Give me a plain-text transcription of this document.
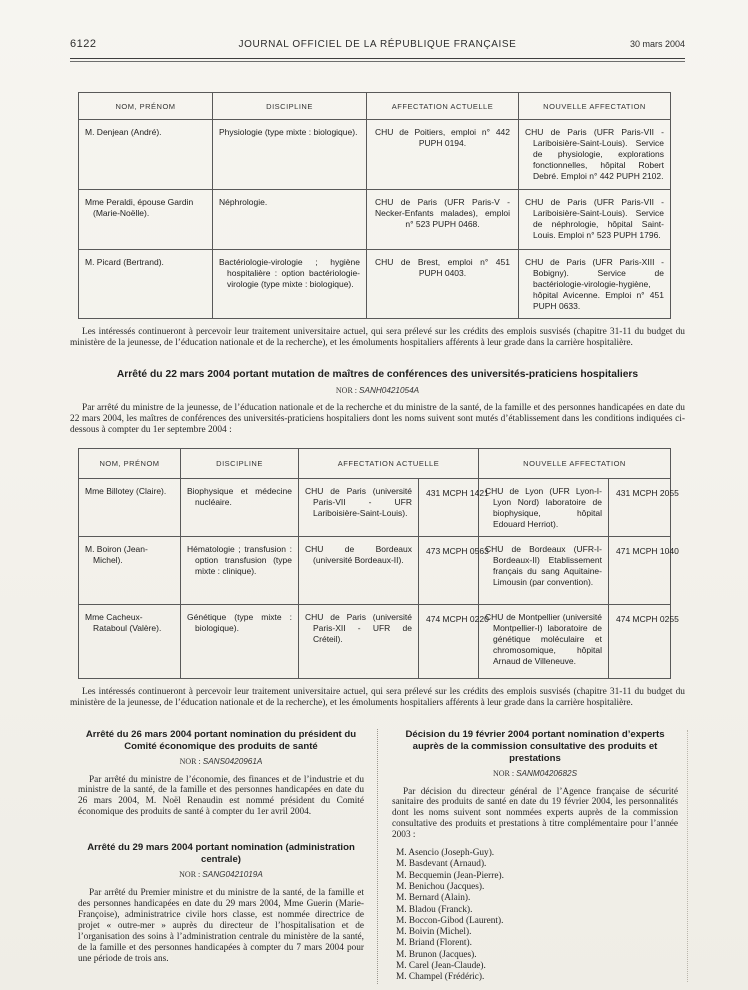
6122	JOURNAL OFFICIEL DE LA RÉPUBLIQUE FRANÇAISE	30 mars 2004
NOM, PRÉNOM	DISCIPLINE	AFFECTATION ACTUELLE	NOUVELLE AFFECTATION
M. Denjean (André).	Physiologie (type mixte : biologique).	CHU de Poitiers, emploi n° 442 PUPH 0194.	CHU de Paris (UFR Paris-VII - Lariboisière-Saint-Louis). Service de physiologie, explorations fonctionnelles, hôpital Robert Debré. Emploi n° 442 PUPH 2102.
Mme Peraldi, épouse Gardin (Marie-Noëlle).	Néphrologie.	CHU de Paris (UFR Paris-V - Necker-Enfants malades), emploi n° 523 PUPH 0468.	CHU de Paris (UFR Paris-VII - Lariboisière-Saint-Louis). Service de néphrologie, hôpital Saint-Louis. Emploi n° 523 PUPH 1796.
M. Picard (Bertrand).	Bactériologie-virologie ; hygiène hospitalière : option bactériologie-virologie (type mixte : biologique).	CHU de Brest, emploi n° 451 PUPH 0403.	CHU de Paris (UFR Paris-XIII - Bobigny). Service de bactériologie-virologie-hygiène, hôpital Avicenne. Emploi n° 451 PUPH 0633.

Les intéressés continueront à percevoir leur traitement universitaire actuel, qui sera prélevé sur les crédits des emplois susvisés (chapitre 31-11 du budget du ministère de la jeunesse, de l’éducation nationale et de la recherche), et les émoluments hospitaliers afférents à leur grade dans la carrière hospitalière.

Arrêté du 22 mars 2004 portant mutation de maîtres de conférences des universités-praticiens hospitaliers

NOR : SANH0421054A

Par arrêté du ministre de la jeunesse, de l’éducation nationale et de la recherche et du ministre de la santé, de la famille et des personnes handicapées en date du 22 mars 2004, les maîtres de conférences des universités-praticiens hospitaliers dont les noms suivent sont mutés d’établissement dans les conditions indiquées ci-dessous à compter du 1er septembre 2004 :

NOM, PRÉNOM	DISCIPLINE	AFFECTATION ACTUELLE		NOUVELLE AFFECTATION	
Mme Billotey (Claire).	Biophysique et médecine nucléaire.	CHU de Paris (université Paris-VII - UFR Lariboisière-Saint-Louis).	431 MCPH 1421	CHU de Lyon (UFR Lyon-I-Lyon Nord) laboratoire de biophysique, hôpital Edouard Herriot).	431 MCPH 2055
M. Boiron (Jean-Michel).	Hématologie ; transfusion : option transfusion (type mixte : clinique).	CHU de Bordeaux (université Bordeaux-II).	473 MCPH 0563	CHU de Bordeaux (UFR-I-Bordeaux-II) Etablissement français du sang Aquitaine-Limousin (par convention).	471 MCPH 1040
Mme Cacheux-Rataboul (Valère).	Génétique (type mixte : biologique).	CHU de Paris (université Paris-XII - UFR de Créteil).	474 MCPH 0220	CHU de Montpellier (université Montpellier-I) laboratoire de génétique moléculaire et chromosomique, hôpital Arnaud de Villeneuve.	474 MCPH 0255

Les intéressés continueront à percevoir leur traitement universitaire actuel, qui sera prélevé sur les crédits des emplois susvisés (chapitre 31-11 du budget du ministère de la jeunesse, de l’éducation nationale et de la recherche), et les émoluments hospitaliers afférents à leur grade dans la carrière hospitalière.

Arrêté du 26 mars 2004 portant nomination du président du Comité économique des produits de santé

NOR : SANS0420961A

Par arrêté du ministre de l’économie, des finances et de l’industrie et du ministre de la santé, de la famille et des personnes handicapées en date du 26 mars 2004, M. Noël Renaudin est nommé président du Comité économique des produits de santé à compter du 1er avril 2004.

Arrêté du 29 mars 2004 portant nomination (administration centrale)

NOR : SANG0421019A

Par arrêté du Premier ministre et du ministre de la santé, de la famille et des personnes handicapées en date du 29 mars 2004, Mme Guerin (Marie-Françoise), administratrice civile hors classe, est nommée directrice de projet « outre-mer » auprès du directeur de l’hospitalisation et de l’organisation des soins à l’administration centrale du ministère de la santé, de la famille et des personnes handicapées à compter du 7 mars 2004 pour une période de trois ans.

Décision du 19 février 2004 portant nomination d’experts auprès de la commission consultative des produits et prestations

NOR : SANM0420682S

Par décision du directeur général de l’Agence française de sécurité sanitaire des produits de santé en date du 19 février 2004, les personnalités dont les noms suivent sont nommées experts auprès de la commission consultative des produits et prestations à titre complémentaire pour l’année 2003 :

M. Asencio (Joseph-Guy).
M. Basdevant (Arnaud).
M. Becquemin (Jean-Pierre).
M. Benichou (Jacques).
M. Bernard (Alain).
M. Bladou (Franck).
M. Boccon-Gibod (Laurent).
M. Boivin (Michel).
M. Briand (Florent).
M. Brunon (Jacques).
M. Carel (Jean-Claude).
M. Champel (Frédéric).
